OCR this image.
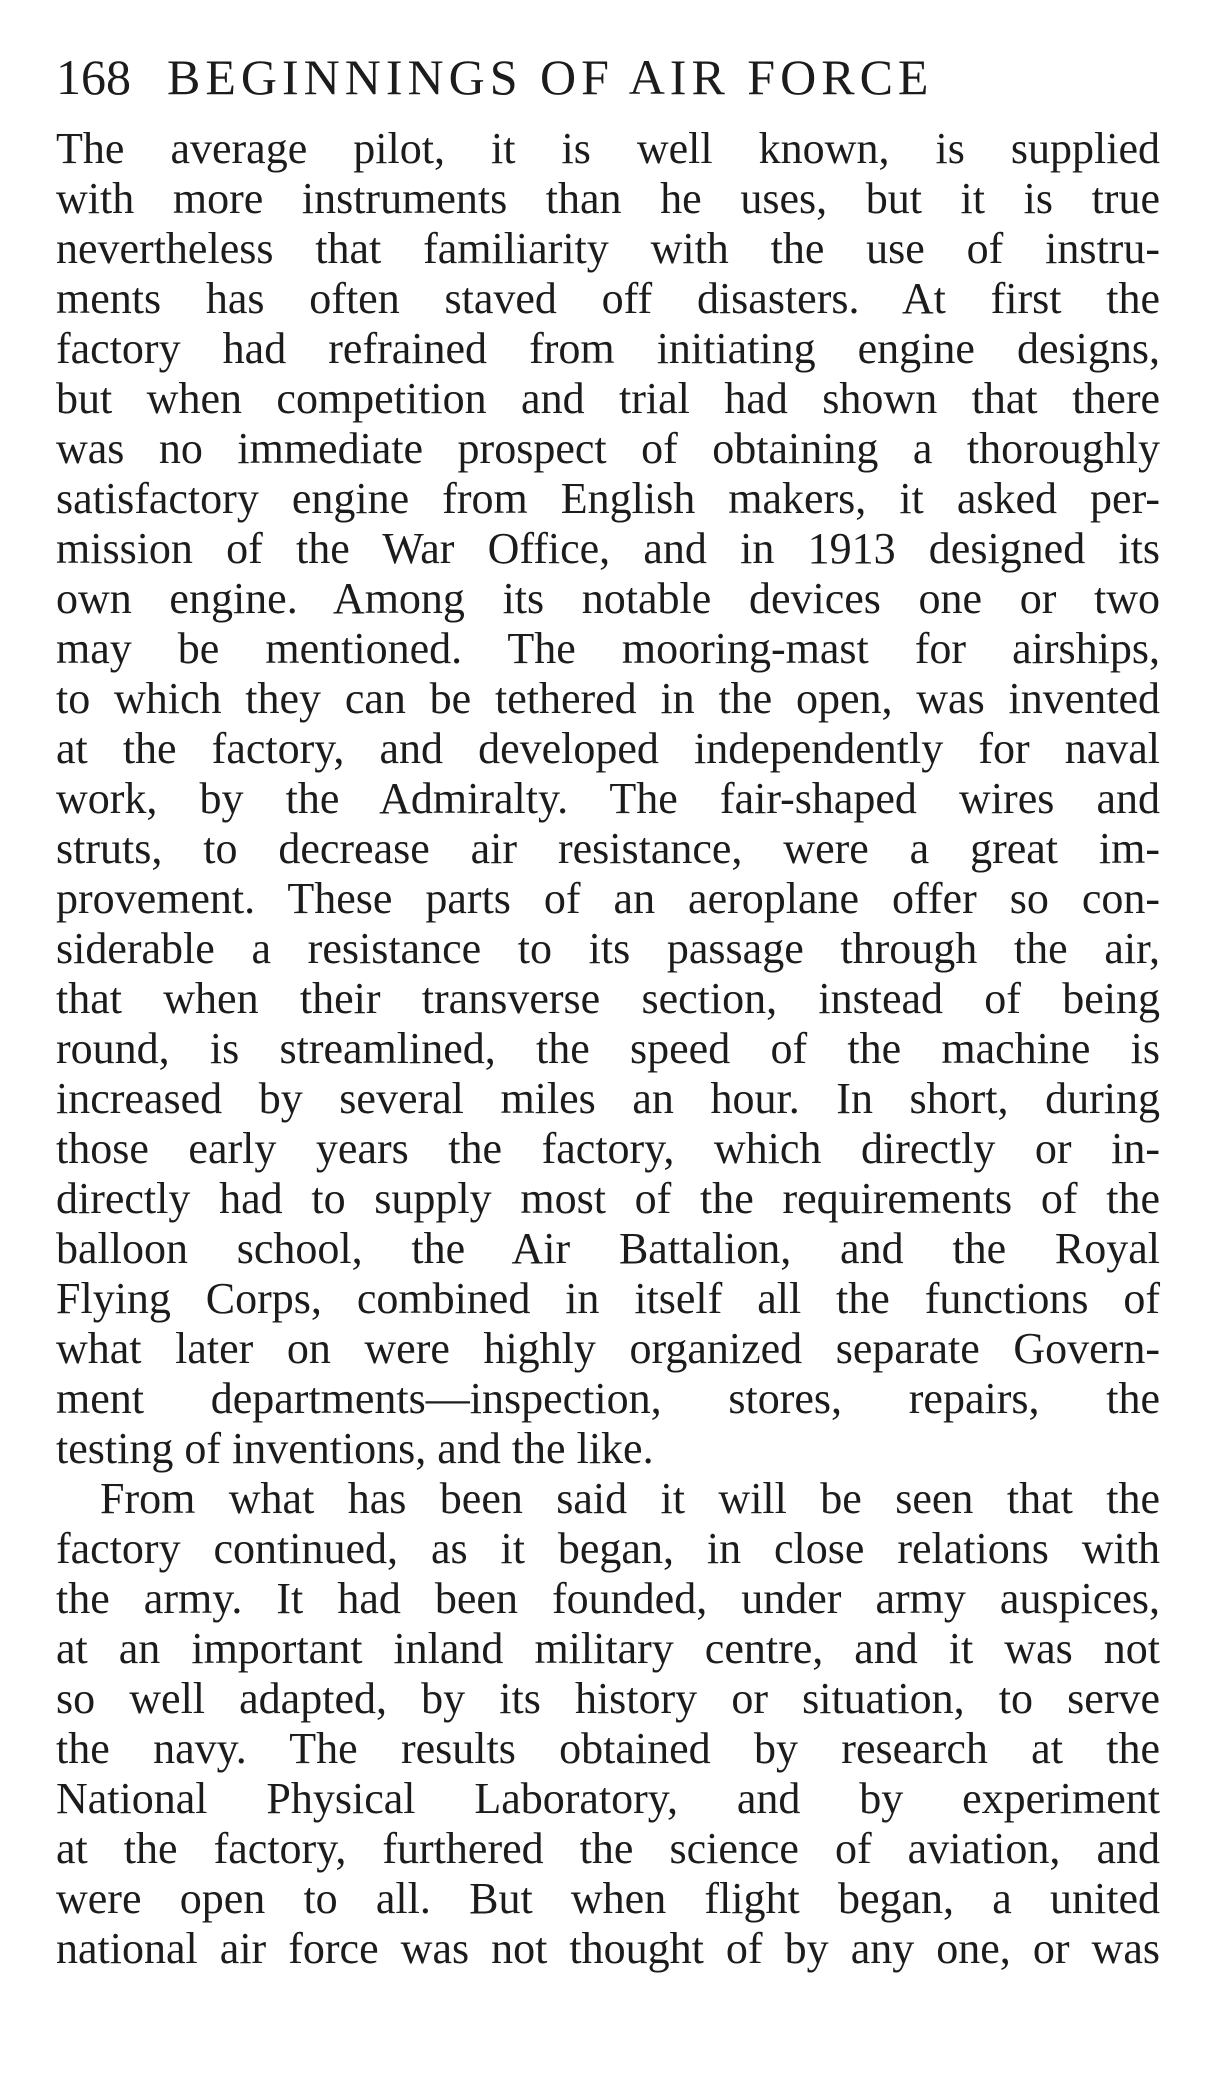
168 BEGINNINGS OF AIR FORCE
The average pilot, it is well known, is supplied
with more instruments than he uses, but it is true
nevertheless that familiarity with the use of instru-
ments has often staved off disasters. At first the
factory had refrained from initiating engine designs,
but when competition and trial had shown that there
was no immediate prospect of obtaining a thoroughly
satisfactory engine from English makers, it asked per-
mission of the War Office, and in 1913 designed its
own engine. Among its notable devices one or two
may be mentioned. The mooring-mast for airships,
to which they can be tethered in the open, was invented
at the factory, and developed independently for naval
work, by the Admiralty. The fair-shaped wires and
struts, to decrease air resistance, were a great im-
provement. These parts of an aeroplane offer so con-
siderable a resistance to its passage through the air,
that when their transverse section, instead of being
round, is streamlined, the speed of the machine is
increased by several miles an hour. In short, during
those early years the factory, which directly or in-
directly had to supply most of the requirements of the
balloon school, the Air Battalion, and the Royal
Flying Corps, combined in itself all the functions of
what later on were highly organized separate Govern-
ment departments—inspection, stores, repairs, the
testing of inventions, and the like.
From what has been said it will be seen that the
factory continued, as it began, in close relations with
the army. It had been founded, under army auspices,
at an important inland military centre, and it was not
so well adapted, by its history or situation, to serve
the navy. The results obtained by research at the
National Physical Laboratory, and by experiment
at the factory, furthered the science of aviation, and
were open to all. But when flight began, a united
national air force was not thought of by any one, or was
